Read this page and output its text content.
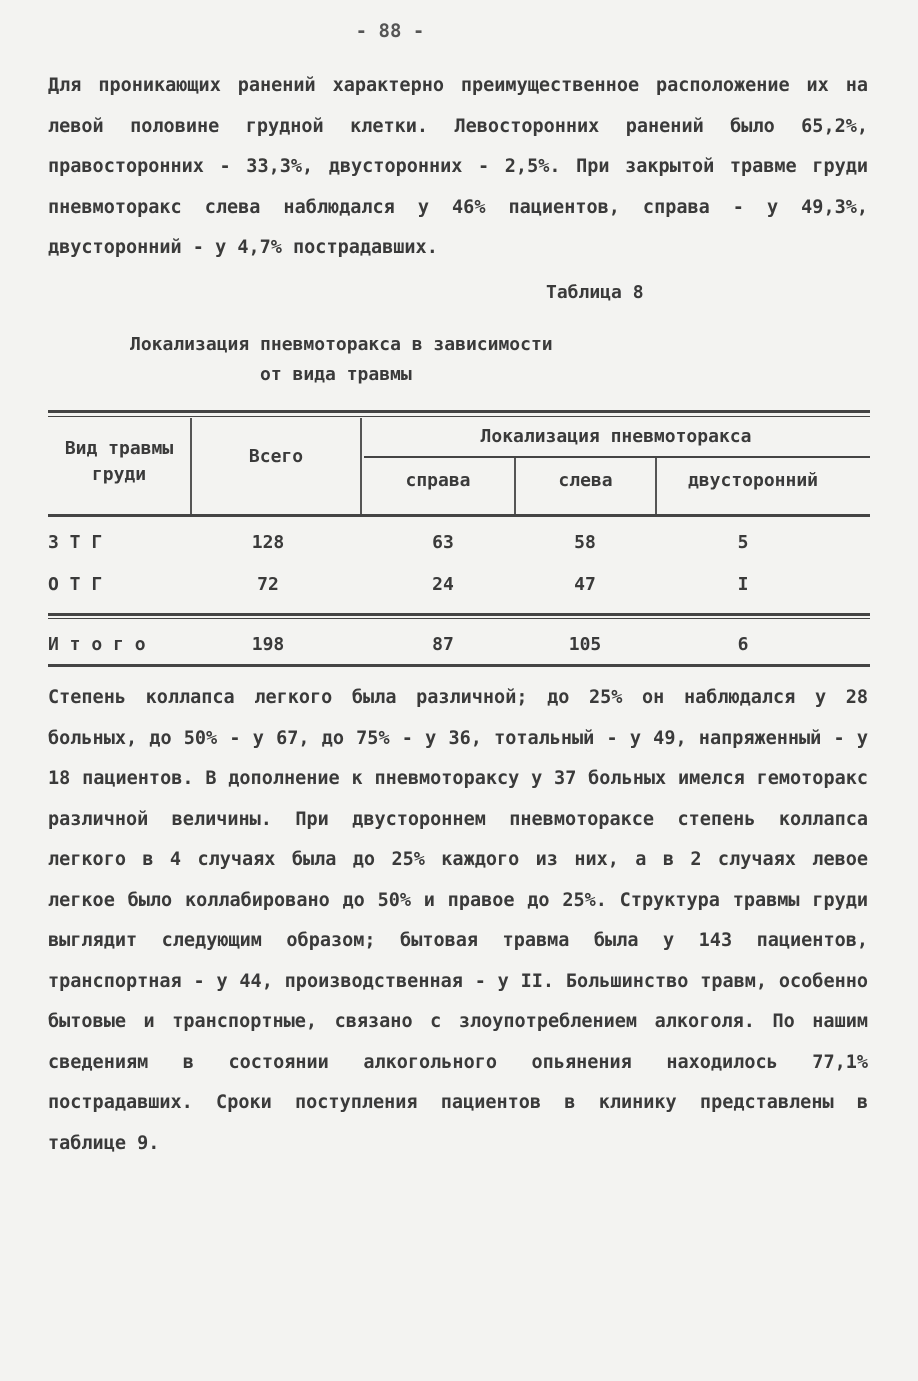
- 88 -

Для проникающих ранений характерно преимущественное расположение их на левой половине грудной клетки. Левосторонних ранений было 65,2%, правосторонних - 33,3%, двусторонних - 2,5%. При закрытой травме груди пневмоторакс слева наблюдался у 46% пациентов, справа - у 49,3%, двусторонний - у 4,7% пострадавших.

Таблица 8
Локализация пневмоторакса в зависимости
от вида травмы
Вид травмы
груди
Всего
Локализация пневмоторакса
справа	слева	двусторонний
З Т Г	128	63	58	5
О Т Г	72	24	47	I
И т о г о	198	87	105	6

Степень коллапса легкого была различной; до 25% он наблюдался у 28 больных, до 50% - у 67, до 75% - у 36, тотальный - у 49, напряженный - у 18 пациентов. В дополнение к пневмотораксу у 37 больных имелся гемоторакс различной величины. При двустороннем пневмотораксе степень коллапса легкого в 4 случаях была до 25% каждого из них, а в 2 случаях левое легкое было коллабировано до 50% и правое до 25%. Структура травмы груди выглядит следующим образом; бытовая травма была у 143 пациентов, транспортная - у 44, производственная - у II. Большинство травм, особенно бытовые и транспортные, связано с злоупотреблением алкоголя. По нашим сведениям в состоянии алкогольного опьянения находилось 77,1% пострадавших. Сроки поступления пациентов в клинику представлены в таблице 9.
